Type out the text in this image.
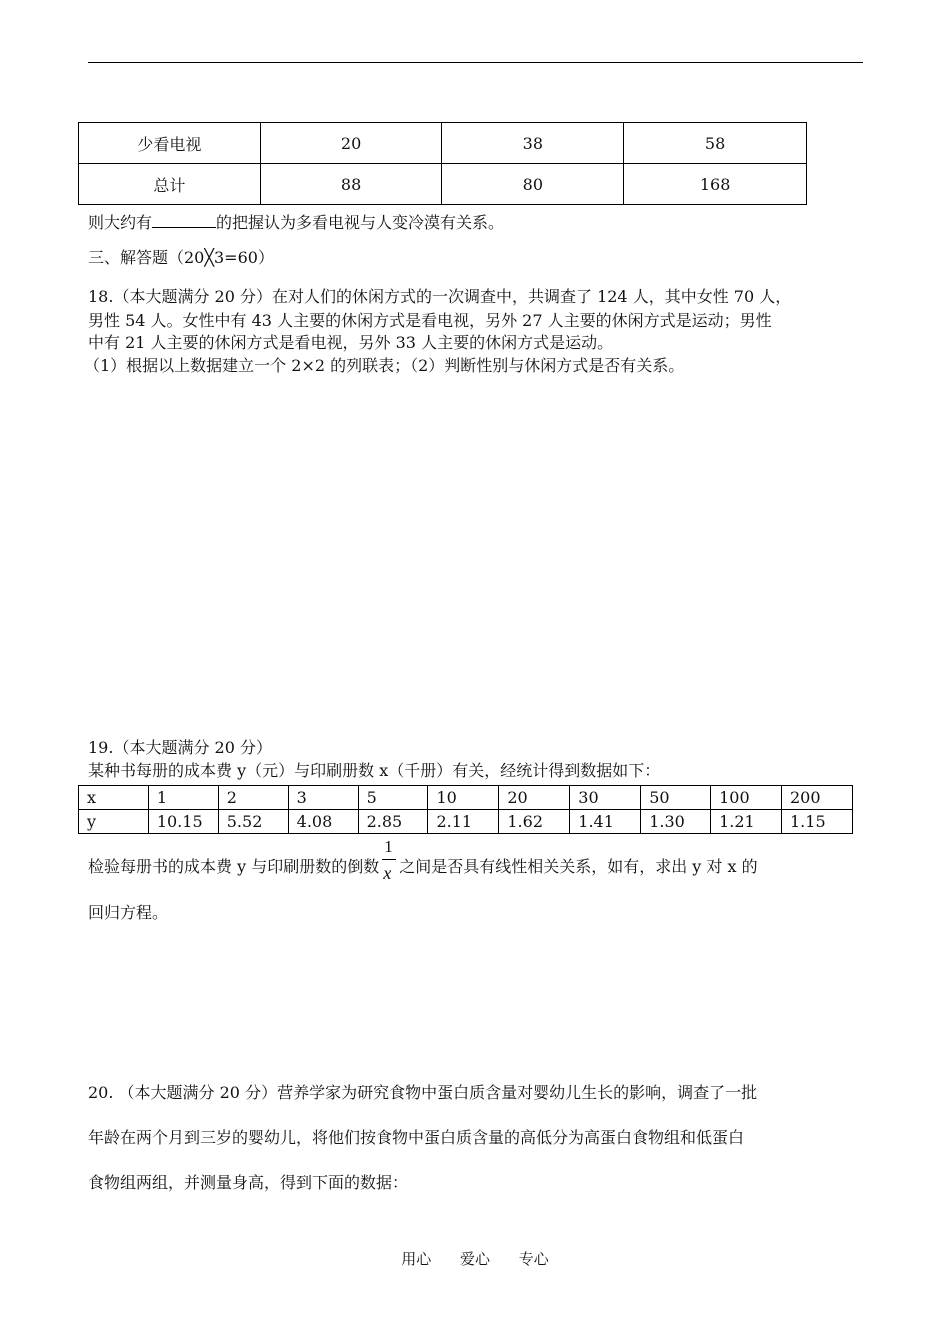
少看电视	20	38	58
总计	88	80	168
则大约有	的把握认为多看电视与人变冷漠有关系。
三、解答题（20╳3=60）
18.（本大题满分 20 分）在对人们的休闲方式的一次调查中，共调查了 124 人，其中女性 70 人，
男性 54 人。女性中有 43 人主要的休闲方式是看电视，另外 27 人主要的休闲方式是运动；男性
中有 21 人主要的休闲方式是看电视，另外 33 人主要的休闲方式是运动。
（1）根据以上数据建立一个 2×2 的列联表；（2）判断性别与休闲方式是否有关系。
19.（本大题满分 20 分）
某种书每册的成本费 y（元）与印刷册数 x（千册）有关，经统计得到数据如下：
x	1	2	3	5	10	20	30	50	100	200
y	10.15	5.52	4.08	2.85	2.11	1.62	1.41	1.30	1.21	1.15
检验每册书的成本费 y 与印刷册数的倒数 $\frac{1}{x}$ 之间是否具有线性相关关系，如有，求出 y 对 x 的
回归方程。
20. （本大题满分 20 分）营养学家为研究食物中蛋白质含量对婴幼儿生长的影响，调查了一批
年龄在两个月到三岁的婴幼儿，将他们按食物中蛋白质含量的高低分为高蛋白食物组和低蛋白
食物组两组，并测量身高，得到下面的数据：
用心 爱心 专心
